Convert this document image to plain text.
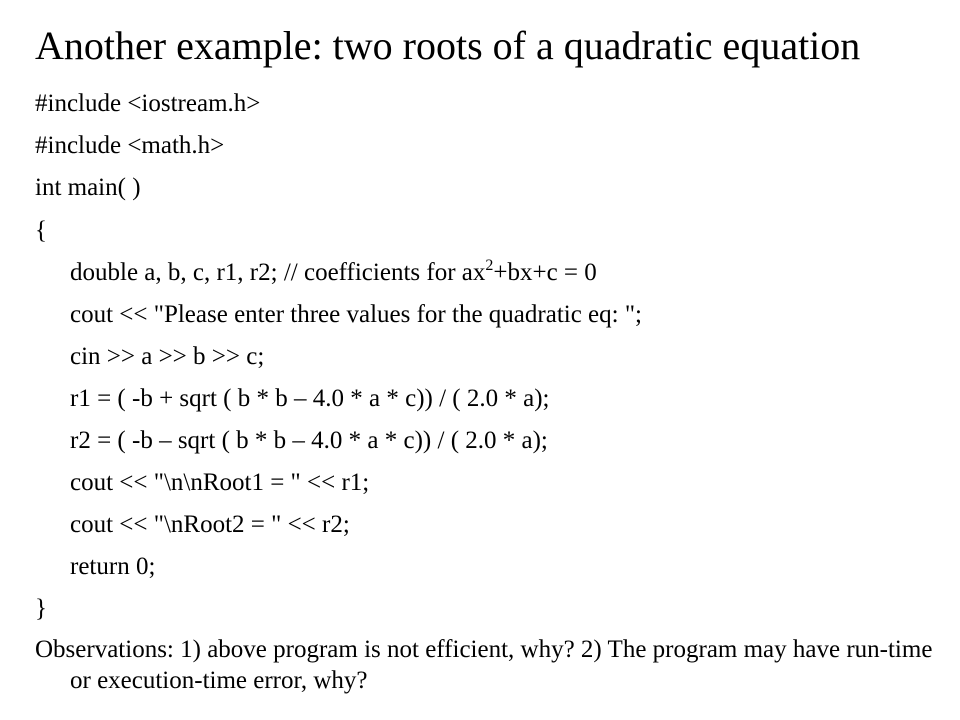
Another example: two roots of a quadratic equation
#include <iostream.h>
#include <math.h>
int main( )
{
double a, b, c, r1, r2; // coefficients for $ax^2+bx+c = 0$
cout << "Please enter three values for the quadratic eq: ";
cin >> a >> b >> c;
r1 = ( -b + sqrt ( b * b – 4.0 * a * c)) / ( 2.0 * a);
r2 = ( -b – sqrt ( b * b – 4.0 * a * c)) / ( 2.0 * a);
cout << "\n\nRoot1 = " << r1;
cout << "\nRoot2 = " << r2;
return 0;
}
Observations: 1) above program is not efficient, why? 2) The program may have run-time or execution-time error, why?
